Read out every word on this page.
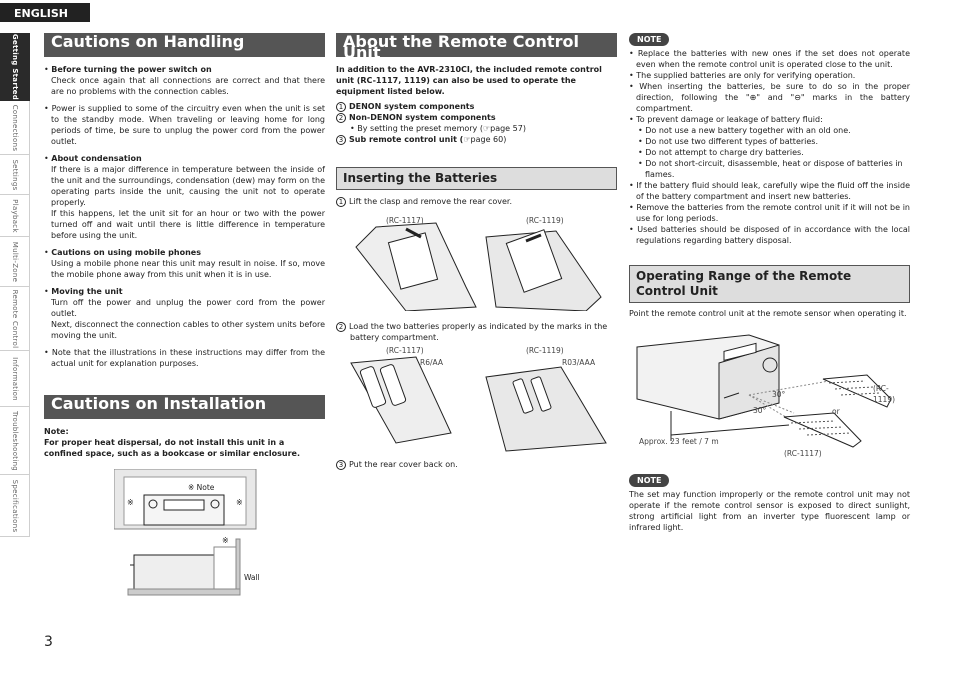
ENGLISH
Getting Started
Connections
Settings
Playback
Multi-Zone
Remote Control
Information
Troubleshooting
Specifications
Cautions on Handling
• Before turning the power switch on
Check once again that all connections are correct and that there are no problems with the connection cables.
• Power is supplied to some of the circuitry even when the unit is set to the standby mode. When traveling or leaving home for long periods of time, be sure to unplug the power cord from the power outlet.
• About condensation
If there is a major difference in temperature between the inside of the unit and the surroundings, condensation (dew) may form on the operating parts inside the unit, causing the unit not to operate properly.
If this happens, let the unit sit for an hour or two with the power turned off and wait until there is little difference in temperature before using the unit.
• Cautions on using mobile phones
Using a mobile phone near this unit may result in noise. If so, move the mobile phone away from this unit when it is in use.
• Moving the unit
Turn off the power and unplug the power cord from the power outlet.
Next, disconnect the connection cables to other system units before moving the unit.
• Note that the illustrations in these instructions may differ from the actual unit for explanation purposes.
Cautions on Installation
Note:
For proper heat dispersal, do not install this unit in a confined space, such as a bookcase or similar enclosure.
※ Note
※	※
※
Wall
About the Remote Control Unit
In addition to the AVR-2310CI, the included remote control unit (RC-1117, 1119) can also be used to operate the equipment listed below.
1 DENON system components
2 Non-DENON system components
• By setting the preset memory (☞page 57)
3 Sub remote control unit (☞page 60)
Inserting the Batteries
1 Lift the clasp and remove the rear cover.
(RC-1117)	(RC-1119)
2 Load the two batteries properly as indicated by the marks in the battery compartment.
(RC-1117)	(RC-1119)
R6/AA	R03/AAA
3 Put the rear cover back on.
NOTE
• Replace the batteries with new ones if the set does not operate even when the remote control unit is operated close to the unit.
• The supplied batteries are only for verifying operation.
• When inserting the batteries, be sure to do so in the proper direction, following the "⊕" and "⊖" marks in the battery compartment.
• To prevent damage or leakage of battery fluid:
• Do not use a new battery together with an old one.
• Do not use two different types of batteries.
• Do not attempt to charge dry batteries.
• Do not short-circuit, disassemble, heat or dispose of batteries in flames.
• If the battery fluid should leak, carefully wipe the fluid off the inside of the battery compartment and insert new batteries.
• Remove the batteries from the remote control unit if it will not be in use for long periods.
• Used batteries should be disposed of in accordance with the local regulations regarding battery disposal.
Operating Range of the Remote Control Unit
Point the remote control unit at the remote sensor when operating it.
(RC-1119)
30°
30°	or
Approx. 23 feet / 7 m
(RC-1117)
NOTE
The set may function improperly or the remote control unit may not operate if the remote control sensor is exposed to direct sunlight, strong artificial light from an inverter type fluorescent lamp or infrared light.
3
